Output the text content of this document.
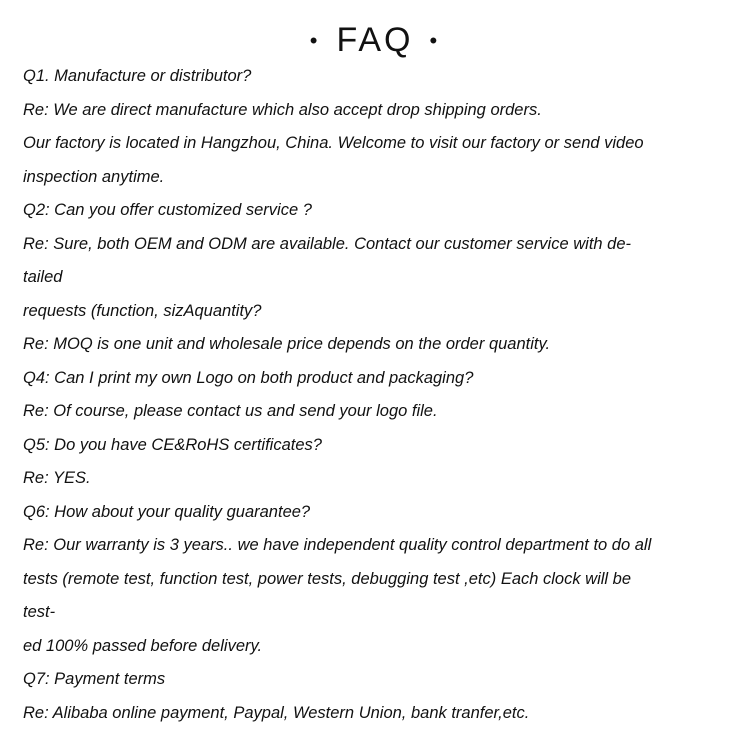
• FAQ •
Q1. Manufacture or distributor?
Re: We are direct manufacture which also accept drop shipping orders.
Our factory is located in Hangzhou, China. Welcome to visit our factory or send video
inspection anytime.
Q2: Can you offer customized service ?
Re: Sure, both OEM and ODM are available. Contact our customer service with de-
tailed
requests (function, sizAquantity?
Re: MOQ is one unit and wholesale price depends on the order quantity.
Q4: Can I print my own Logo on both product and packaging?
Re: Of course, please contact us and send your logo file.
Q5: Do you have CE&RoHS certificates?
Re: YES.
Q6: How about your quality guarantee?
Re: Our warranty is 3 years.. we have independent quality control department to do all
tests (remote test, function test, power tests, debugging test ,etc) Each clock will be
test-
ed 100% passed before delivery.
Q7: Payment terms
Re: Alibaba online payment, Paypal, Western Union, bank tranfer,etc.
